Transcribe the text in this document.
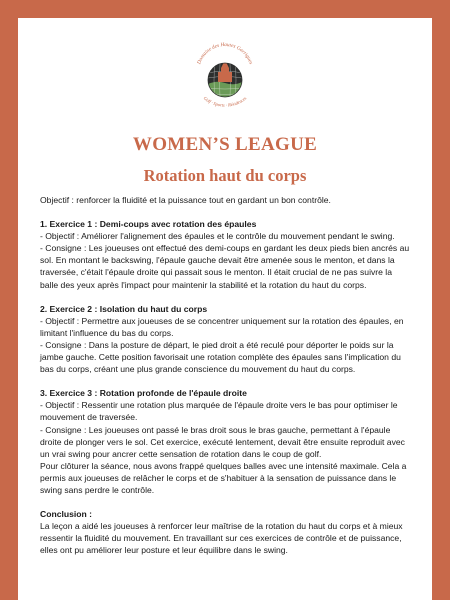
Domaine des Hautes Garrigues
Golf · Sports · Résidences
WOMEN’S LEAGUE
Rotation haut du corps

Objectif : renforcer la fluidité et la puissance tout en gardant un bon contrôle.

1. Exercice 1 : Demi-coups avec rotation des épaules
- Objectif : Améliorer l'alignement des épaules et le contrôle du mouvement pendant le swing.
- Consigne : Les joueuses ont effectué des demi-coups en gardant les deux pieds bien ancrés au sol. En montant le backswing, l'épaule gauche devait être amenée sous le menton, et dans la traversée, c'était l'épaule droite qui passait sous le menton. Il était crucial de ne pas suivre la balle des yeux après l'impact pour maintenir la stabilité et la rotation du haut du corps.

2. Exercice 2 : Isolation du haut du corps
- Objectif : Permettre aux joueuses de se concentrer uniquement sur la rotation des épaules, en limitant l'influence du bas du corps.
- Consigne : Dans la posture de départ, le pied droit a été reculé pour déporter le poids sur la jambe gauche. Cette position favorisait une rotation complète des épaules sans l'implication du bas du corps, créant une plus grande conscience du mouvement du haut du corps.

3. Exercice 3 : Rotation profonde de l'épaule droite
- Objectif : Ressentir une rotation plus marquée de l'épaule droite vers le bas pour optimiser le mouvement de traversée.
- Consigne : Les joueuses ont passé le bras droit sous le bras gauche, permettant à l'épaule droite de plonger vers le sol. Cet exercice, exécuté lentement, devait être ensuite reproduit avec un vrai swing pour ancrer cette sensation de rotation dans le coup de golf.
Pour clôturer la séance, nous avons frappé quelques balles avec une intensité maximale. Cela a permis aux joueuses de relâcher le corps et de s'habituer à la sensation de puissance dans le swing sans perdre le contrôle.

Conclusion :
La leçon a aidé les joueuses à renforcer leur maîtrise de la rotation du haut du corps et à mieux ressentir la fluidité du mouvement. En travaillant sur ces exercices de contrôle et de puissance, elles ont pu améliorer leur posture et leur équilibre dans le swing.
